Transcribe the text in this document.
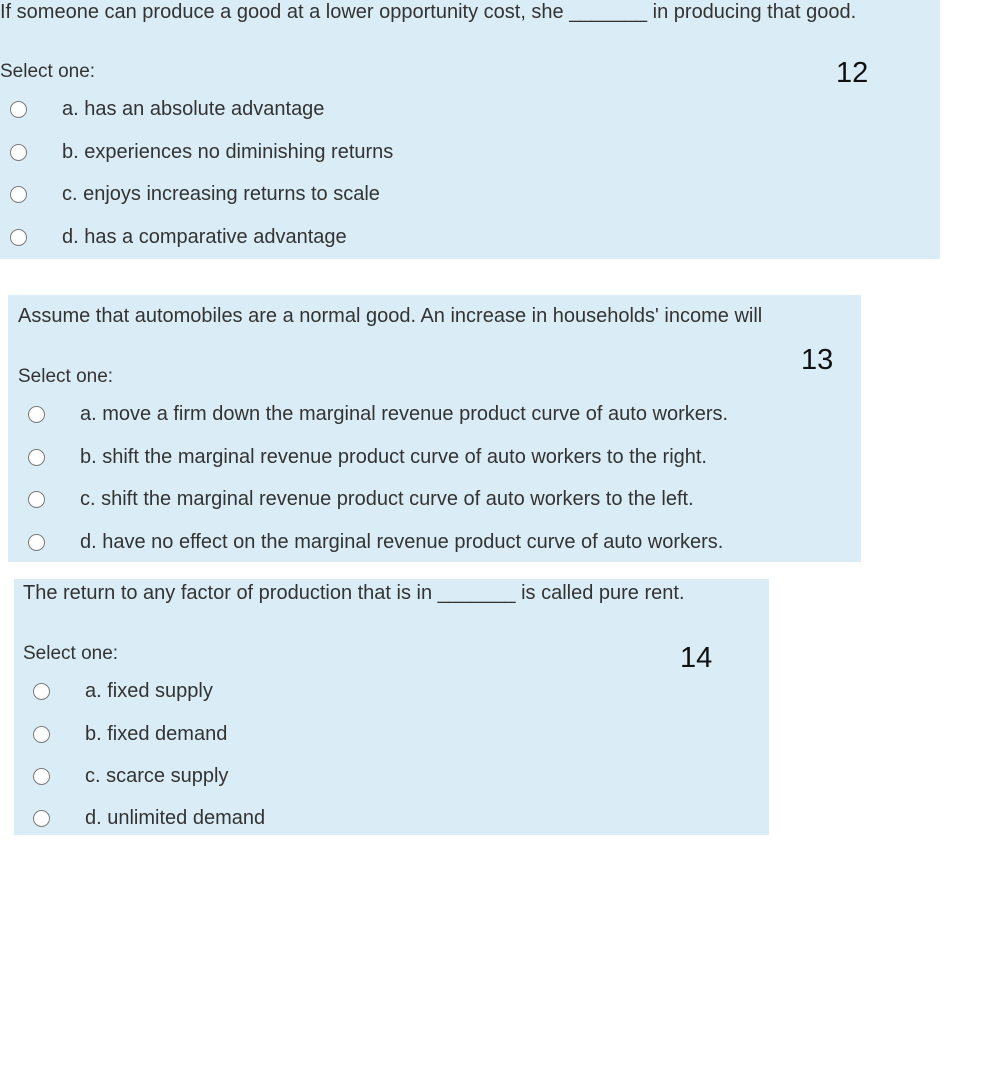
If someone can produce a good at a lower opportunity cost, she _______ in producing that good.
Select one:	12
a. has an absolute advantage
b. experiences no diminishing returns
c. enjoys increasing returns to scale
d. has a comparative advantage
Assume that automobiles are a normal good. An increase in households' income will
Select one:
13
a. move a firm down the marginal revenue product curve of auto workers.
b. shift the marginal revenue product curve of auto workers to the right.
c. shift the marginal revenue product curve of auto workers to the left.
d. have no effect on the marginal revenue product curve of auto workers.
The return to any factor of production that is in _______ is called pure rent.
Select one:	14
a. fixed supply
b. fixed demand
c. scarce supply
d. unlimited demand
